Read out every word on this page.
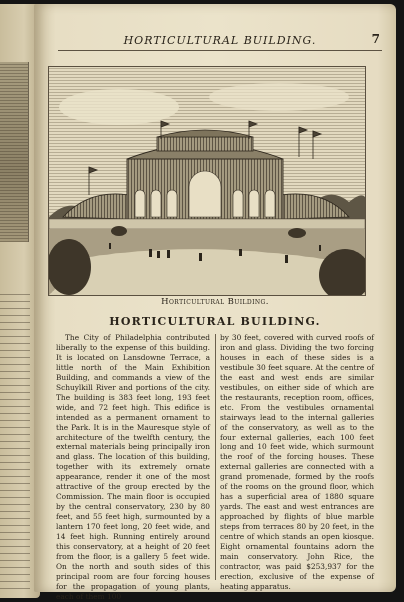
HORTICULTURAL BUILDING.	7
Horticultural Building.
HORTICULTURAL BUILDING.
The City of Philadelphia contributed liberally to the expense of this building. It is located on Lansdowne Terrace, a little north of the Main Exhibition Building, and commands a view of the Schuylkill River and portions of the city. The building is 383 feet long, 193 feet wide, and 72 feet high. This edifice is intended as a permanent ornament to the Park. It is in the Mauresque style of architecture of the twelfth century, the external materials being principally iron and glass. The location of this building, together with its extremely ornate appearance, render it one of the most attractive of the group erected by the Commission. The main floor is occupied by the central conservatory, 230 by 80 feet, and 55 feet high, surmounted by a lantern 170 feet long, 20 feet wide, and 14 feet high. Running entirely around this conservatory, at a height of 20 feet from the floor, is a gallery 5 feet wide. On the north and south sides of this principal room are four forcing houses for the propagation of young plants, each of them 100
by 30 feet, covered with curved roofs of iron and glass. Dividing the two forcing houses in each of these sides is a vestibule 30 feet square. At the centre of the east and west ends are similar vestibules, on either side of which are the restaurants, reception room, offices, etc. From the vestibules ornamental stairways lead to the internal galleries of the conservatory, as well as to the four external galleries, each 100 feet long and 10 feet wide, which surmount the roof of the forcing houses. These external galleries are connected with a grand promenade, formed by the roofs of the rooms on the ground floor, which has a superficial area of 1880 square yards. The east and west entrances are approached by flights of blue marble steps from terraces 80 by 20 feet, in the centre of which stands an open kiosque. Eight ornamental fountains adorn the main conservatory. John Rice, the contractor, was paid $253,937 for the erection, exclusive of the expense of heating apparatus.
